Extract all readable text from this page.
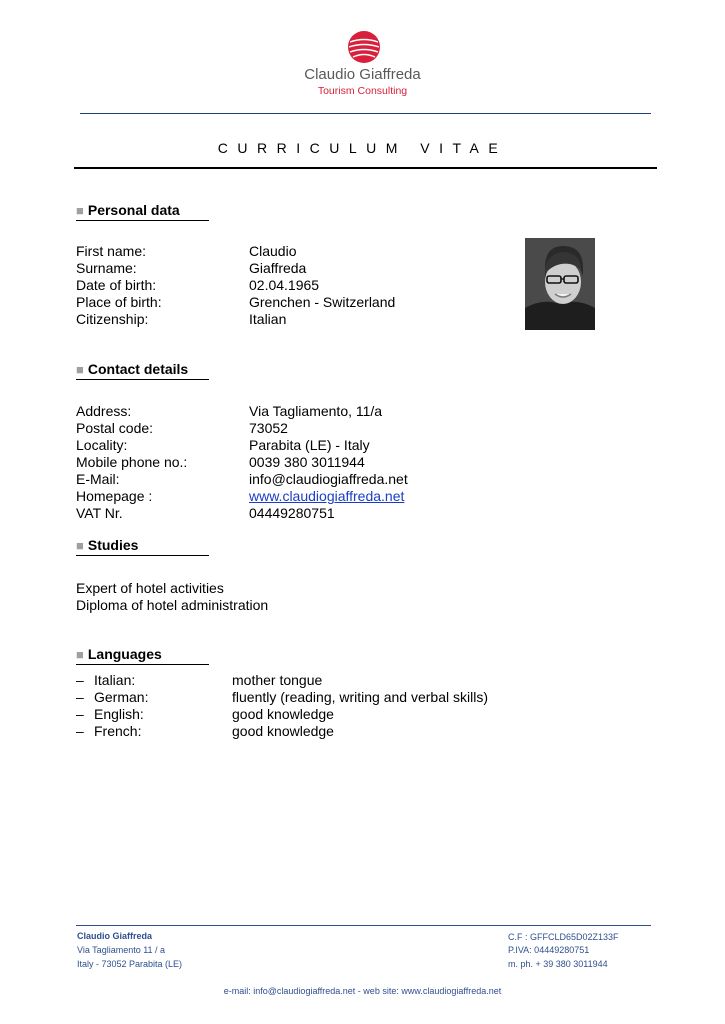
Claudio Giaffreda
Tourism Consulting
CURRICULUM VITAE
■ Personal data
First name:	Claudio
Surname:	Giaffreda
Date of birth:	02.04.1965
Place of birth:	Grenchen - Switzerland
Citizenship:	Italian
■ Contact details
Address:	Via Tagliamento, 11/a
Postal code:	73052
Locality:	Parabita (LE) - Italy
Mobile phone no.:	0039 380 3011944
E-Mail:	info@claudiogiaffreda.net
Homepage :	www.claudiogiaffreda.net
VAT Nr.	04449280751
■ Studies
Expert of hotel activities
Diploma of hotel administration
■ Languages
– Italian:	mother tongue
– German:	fluently (reading, writing and verbal skills)
– English:	good knowledge
– French:	good knowledge
Claudio Giaffreda
Via Tagliamento 11 / a
Italy - 73052 Parabita (LE)
C.F : GFFCLD65D02Z133F
P.IVA: 04449280751
m. ph. + 39 380 3011944
e-mail: info@claudiogiaffreda.net - web site: www.claudiogiaffreda.net
